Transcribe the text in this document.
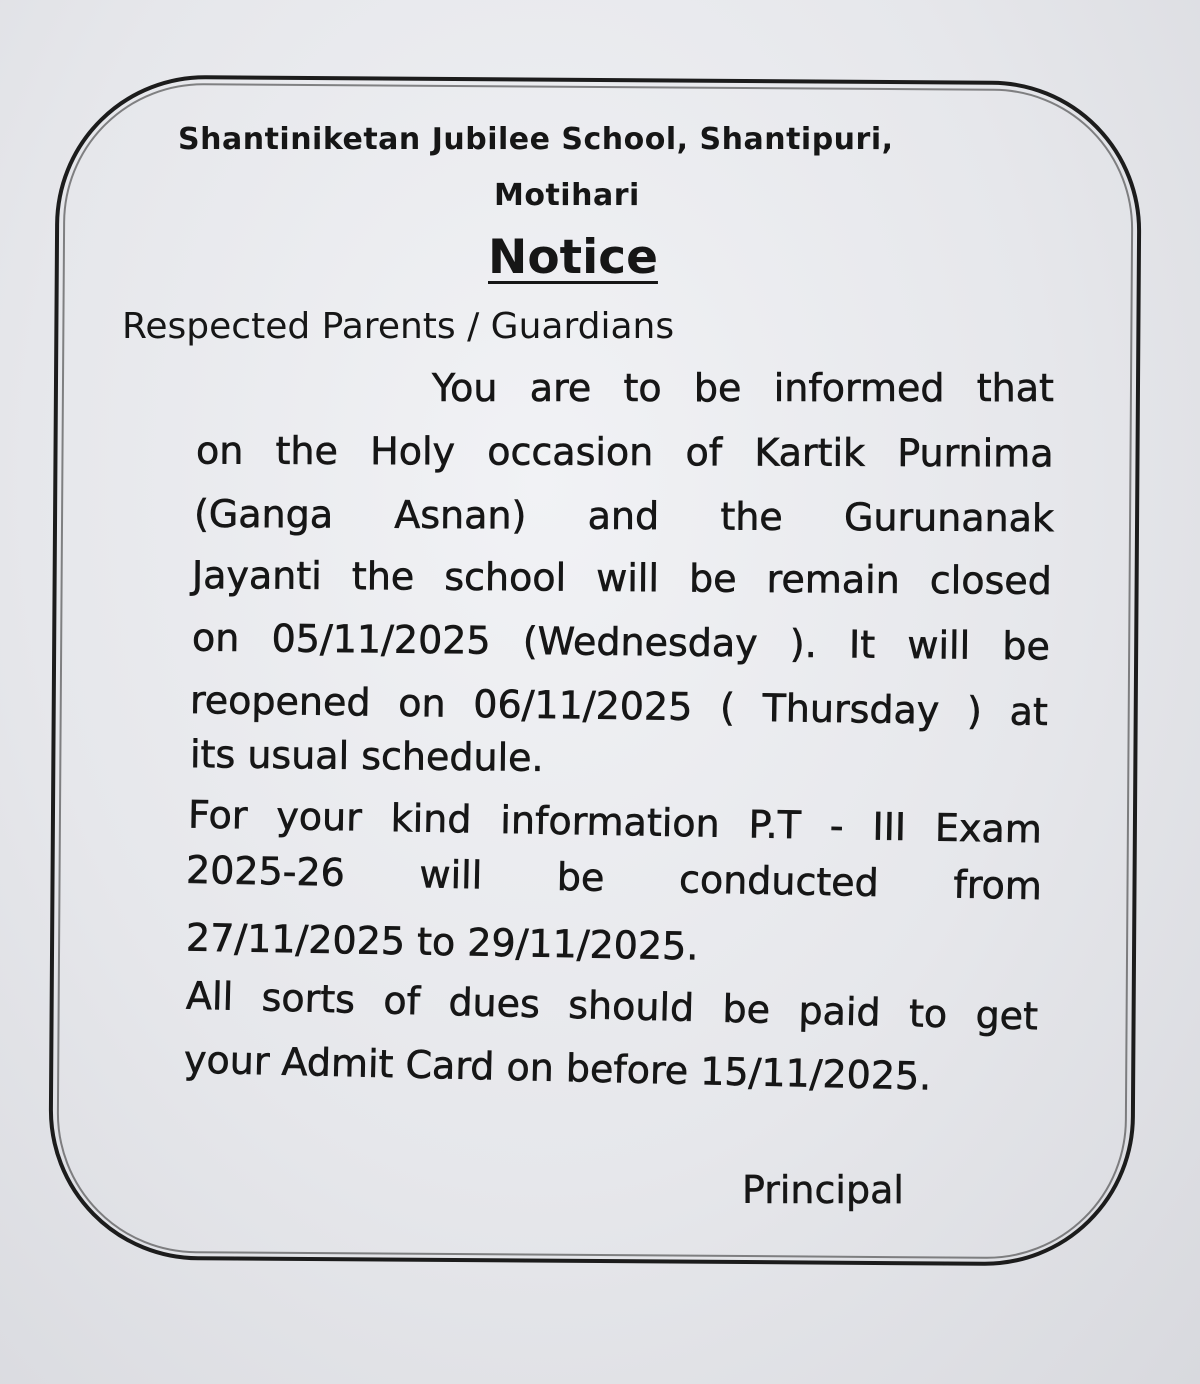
Shantiniketan Jubilee School, Shantipuri,
Motihari
Notice
Respected Parents / Guardians
You are to be informed that
on the Holy occasion of Kartik Purnima
(Ganga Asnan) and the Gurunanak
Jayanti the school will be remain closed
on 05/11/2025 (Wednesday ). It will be
reopened on 06/11/2025 ( Thursday ) at
its usual schedule.
For your kind information P.T - III Exam
2025-26 will be conducted from
27/11/2025 to 29/11/2025.
All sorts of dues should be paid to get
your Admit Card on before 15/11/2025.
Principal
